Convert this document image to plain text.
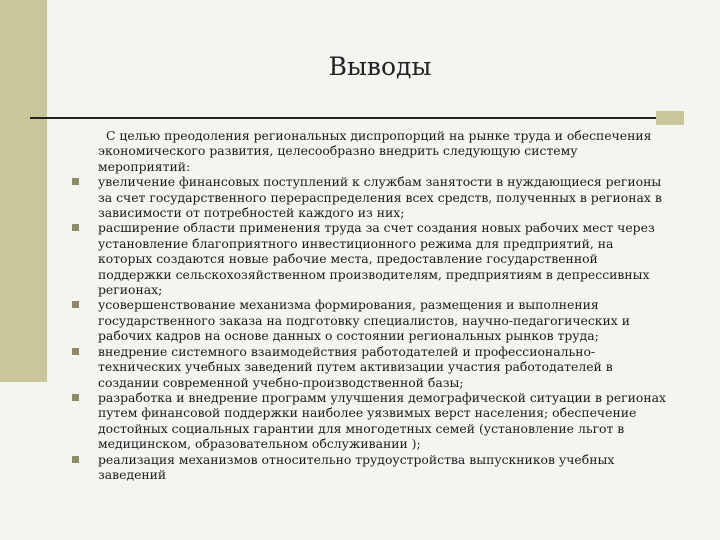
Выводы

С целью преодоления региональных диспропорций на рынке труда и обеспечения экономического развития, целесообразно внедрить следующую систему мероприятий:

увеличение финансовых поступлений к службам занятости в нуждающиеся регионы за счет государственного перераспределения всех средств, полученных в регионах в зависимости от потребностей каждого из них;
расширение области применения труда за счет создания новых рабочих мест через установление благоприятного инвестиционного режима для предприятий, на которых создаются новые рабочие места, предоставление государственной поддержки сельскохозяйственном производителям, предприятиям в депрессивных регионах;
усовершенствование механизма формирования, размещения и выполнения государственного заказа на подготовку специалистов, научно-педагогических и рабочих кадров на основе данных о состоянии региональных рынков труда;
внедрение системного взаимодействия работодателей и профессионально-технических учебных заведений путем активизации участия работодателей в создании современной учебно-производственной базы;
разработка и внедрение программ улучшения демографической ситуации в регионах путем финансовой поддержки наиболее уязвимых верст населения; обеспечение достойных социальных гарантии для многодетных семей (установление льгот в медицинском, образовательном обслуживании );
реализация механизмов относительно трудоустройства выпускников учебных заведений
